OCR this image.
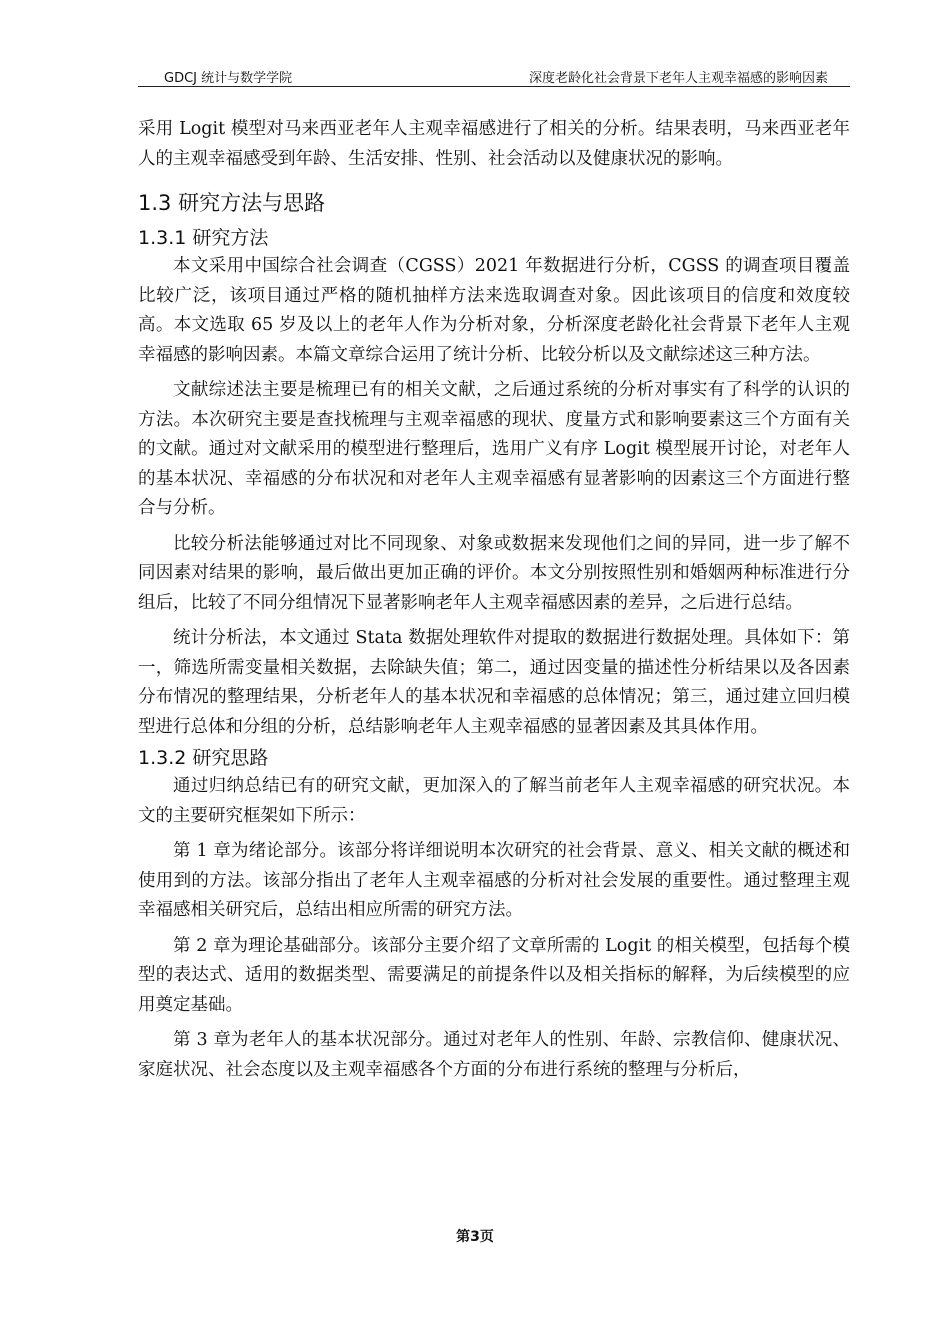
GDCJ 统计与数学学院	深度老龄化社会背景下老年人主观幸福感的影响因素

采用 Logit 模型对马来西亚老年人主观幸福感进行了相关的分析。结果表明，马来西亚老年人的主观幸福感受到年龄、生活安排、性别、社会活动以及健康状况的影响。

1.3 研究方法与思路
1.3.1 研究方法

本文采用中国综合社会调查（CGSS）2021 年数据进行分析，CGSS 的调查项目覆盖比较广泛，该项目通过严格的随机抽样方法来选取调查对象。因此该项目的信度和效度较高。本文选取 65 岁及以上的老年人作为分析对象，分析深度老龄化社会背景下老年人主观幸福感的影响因素。本篇文章综合运用了统计分析、比较分析以及文献综述这三种方法。

文献综述法主要是梳理已有的相关文献，之后通过系统的分析对事实有了科学的认识的方法。本次研究主要是查找梳理与主观幸福感的现状、度量方式和影响要素这三个方面有关的文献。通过对文献采用的模型进行整理后，选用广义有序 Logit 模型展开讨论，对老年人的基本状况、幸福感的分布状况和对老年人主观幸福感有显著影响的因素这三个方面进行整合与分析。

比较分析法能够通过对比不同现象、对象或数据来发现他们之间的异同，进一步了解不同因素对结果的影响，最后做出更加正确的评价。本文分别按照性别和婚姻两种标准进行分组后，比较了不同分组情况下显著影响老年人主观幸福感因素的差异，之后进行总结。

统计分析法，本文通过 Stata 数据处理软件对提取的数据进行数据处理。具体如下：第一，筛选所需变量相关数据，去除缺失值；第二，通过因变量的描述性分析结果以及各因素分布情况的整理结果，分析老年人的基本状况和幸福感的总体情况；第三，通过建立回归模型进行总体和分组的分析，总结影响老年人主观幸福感的显著因素及其具体作用。

1.3.2 研究思路

通过归纳总结已有的研究文献，更加深入的了解当前老年人主观幸福感的研究状况。本文的主要研究框架如下所示：

第 1 章为绪论部分。该部分将详细说明本次研究的社会背景、意义、相关文献的概述和使用到的方法。该部分指出了老年人主观幸福感的分析对社会发展的重要性。通过整理主观幸福感相关研究后，总结出相应所需的研究方法。

第 2 章为理论基础部分。该部分主要介绍了文章所需的 Logit 的相关模型，包括每个模型的表达式、适用的数据类型、需要满足的前提条件以及相关指标的解释，为后续模型的应用奠定基础。

第 3 章为老年人的基本状况部分。通过对老年人的性别、年龄、宗教信仰、健康状况、家庭状况、社会态度以及主观幸福感各个方面的分布进行系统的整理与分析后，

第3页
